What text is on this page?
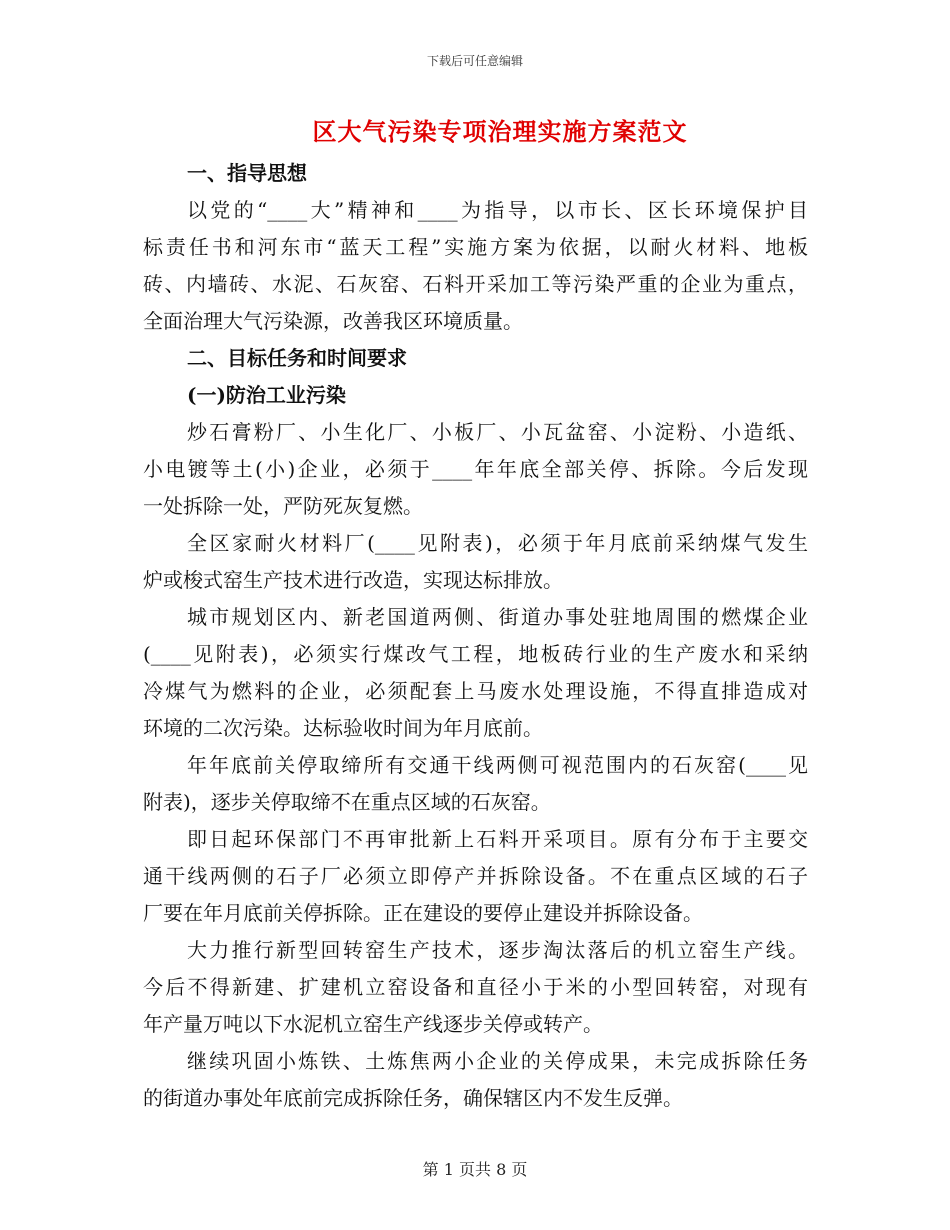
下载后可任意编辑
区大气污染专项治理实施方案范文
一、指导思想
以党的“____大”精神和____为指导，以市长、区长环境保护目
标责任书和河东市“蓝天工程”实施方案为依据，以耐火材料、地板
砖、内墙砖、水泥、石灰窑、石料开采加工等污染严重的企业为重点，
全面治理大气污染源，改善我区环境质量。
二、目标任务和时间要求
(一)防治工业污染
炒石膏粉厂、小生化厂、小板厂、小瓦盆窑、小淀粉、小造纸、
小电镀等土(小)企业，必须于____年年底全部关停、拆除。今后发现
一处拆除一处，严防死灰复燃。
全区家耐火材料厂(____见附表)，必须于年月底前采纳煤气发生
炉或梭式窑生产技术进行改造，实现达标排放。
城市规划区内、新老国道两侧、街道办事处驻地周围的燃煤企业
(____见附表)，必须实行煤改气工程，地板砖行业的生产废水和采纳
冷煤气为燃料的企业，必须配套上马废水处理设施，不得直排造成对
环境的二次污染。达标验收时间为年月底前。
年年底前关停取缔所有交通干线两侧可视范围内的石灰窑(____见
附表)，逐步关停取缔不在重点区域的石灰窑。
即日起环保部门不再审批新上石料开采项目。原有分布于主要交
通干线两侧的石子厂必须立即停产并拆除设备。不在重点区域的石子
厂要在年月底前关停拆除。正在建设的要停止建设并拆除设备。
大力推行新型回转窑生产技术，逐步淘汰落后的机立窑生产线。
今后不得新建、扩建机立窑设备和直径小于米的小型回转窑，对现有
年产量万吨以下水泥机立窑生产线逐步关停或转产。
继续巩固小炼铁、土炼焦两小企业的关停成果，未完成拆除任务
的街道办事处年底前完成拆除任务，确保辖区内不发生反弹。
第 1 页共 8 页
